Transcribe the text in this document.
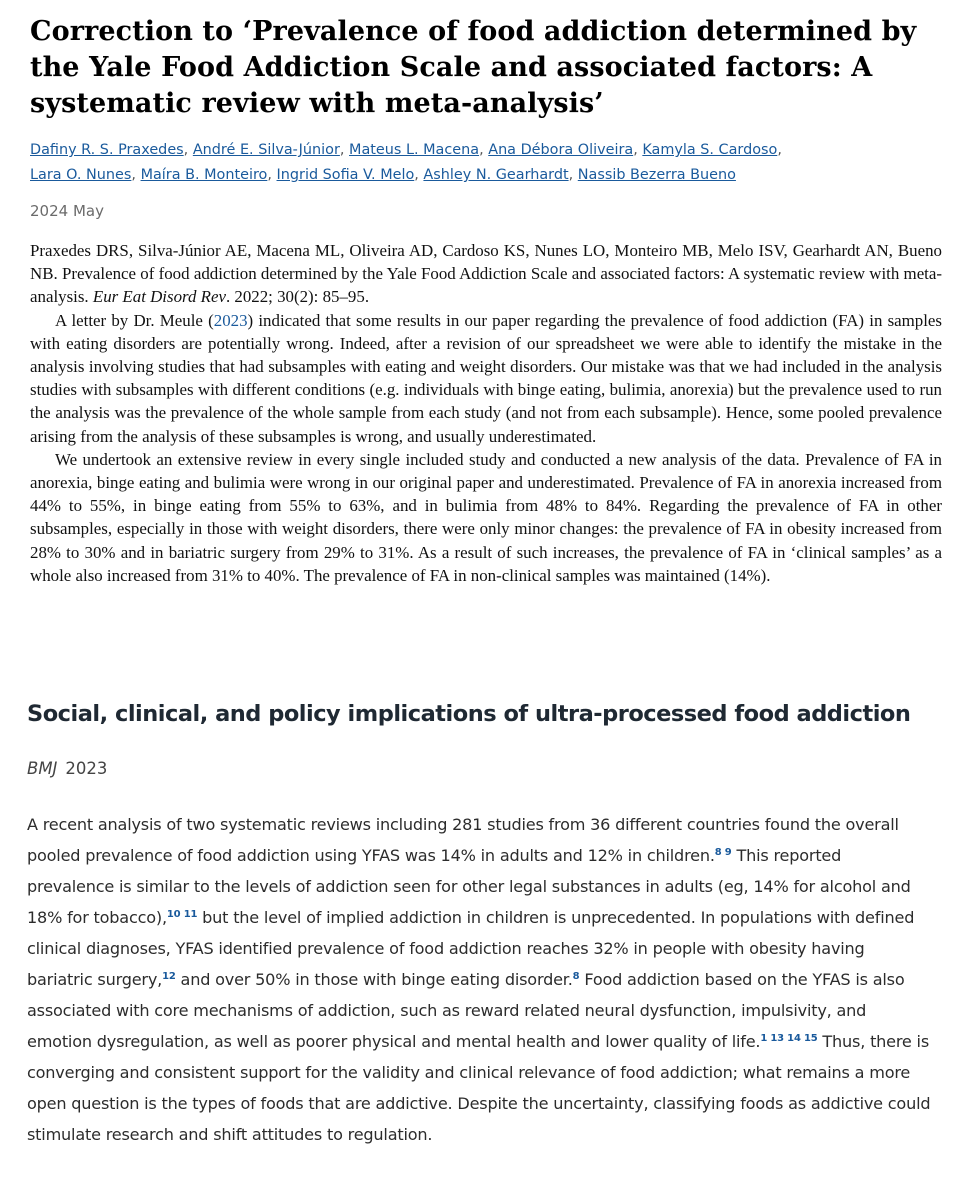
Correction to ‘Prevalence of food addiction determined by the Yale Food Addiction Scale and associated factors: A systematic review with meta-analysis’
Dafiny R. S. Praxedes, André E. Silva-Júnior, Mateus L. Macena, Ana Débora Oliveira, Kamyla S. Cardoso,
Lara O. Nunes, Maíra B. Monteiro, Ingrid Sofia V. Melo, Ashley N. Gearhardt, Nassib Bezerra Bueno
2024 May

Praxedes DRS, Silva-Júnior AE, Macena ML, Oliveira AD, Cardoso KS, Nunes LO, Monteiro MB, Melo ISV, Gearhardt AN, Bueno NB. Prevalence of food addiction determined by the Yale Food Addiction Scale and associated factors: A systematic review with meta-analysis. Eur Eat Disord Rev. 2022; 30(2): 85–95.

A letter by Dr. Meule (2023) indicated that some results in our paper regarding the prevalence of food addiction (FA) in samples with eating disorders are potentially wrong. Indeed, after a revision of our spreadsheet we were able to identify the mistake in the analysis involving studies that had subsamples with eating and weight disorders. Our mistake was that we had included in the analysis studies with subsamples with different conditions (e.g. individuals with binge eating, bulimia, anorexia) but the prevalence used to run the analysis was the prevalence of the whole sample from each study (and not from each subsample). Hence, some pooled prevalence arising from the analysis of these subsamples is wrong, and usually underestimated.

We undertook an extensive review in every single included study and conducted a new analysis of the data. Prevalence of FA in anorexia, binge eating and bulimia were wrong in our original paper and underestimated. Prevalence of FA in anorexia increased from 44% to 55%, in binge eating from 55% to 63%, and in bulimia from 48% to 84%. Regarding the prevalence of FA in other subsamples, especially in those with weight disorders, there were only minor changes: the prevalence of FA in obesity increased from 28% to 30% and in bariatric surgery from 29% to 31%. As a result of such increases, the prevalence of FA in ‘clinical samples’ as a whole also increased from 31% to 40%. The prevalence of FA in non-clinical samples was maintained (14%).

Social, clinical, and policy implications of ultra-processed food addiction
BMJ 2023

A recent analysis of two systematic reviews including 281 studies from 36 different countries found the overall pooled prevalence of food addiction using YFAS was 14% in adults and 12% in children.$^{8 9}$ This reported prevalence is similar to the levels of addiction seen for other legal substances in adults (eg, 14% for alcohol and 18% for tobacco),$^{10 11}$ but the level of implied addiction in children is unprecedented. In populations with defined clinical diagnoses, YFAS identified prevalence of food addiction reaches 32% in people with obesity having bariatric surgery,$^{12}$ and over 50% in those with binge eating disorder.$^8$ Food addiction based on the YFAS is also associated with core mechanisms of addiction, such as reward related neural dysfunction, impulsivity, and emotion dysregulation, as well as poorer physical and mental health and lower quality of life.$^{1 13 14 15}$ Thus, there is converging and consistent support for the validity and clinical relevance of food addiction; what remains a more open question is the types of foods that are addictive. Despite the uncertainty, classifying foods as addictive could stimulate research and shift attitudes to regulation.
